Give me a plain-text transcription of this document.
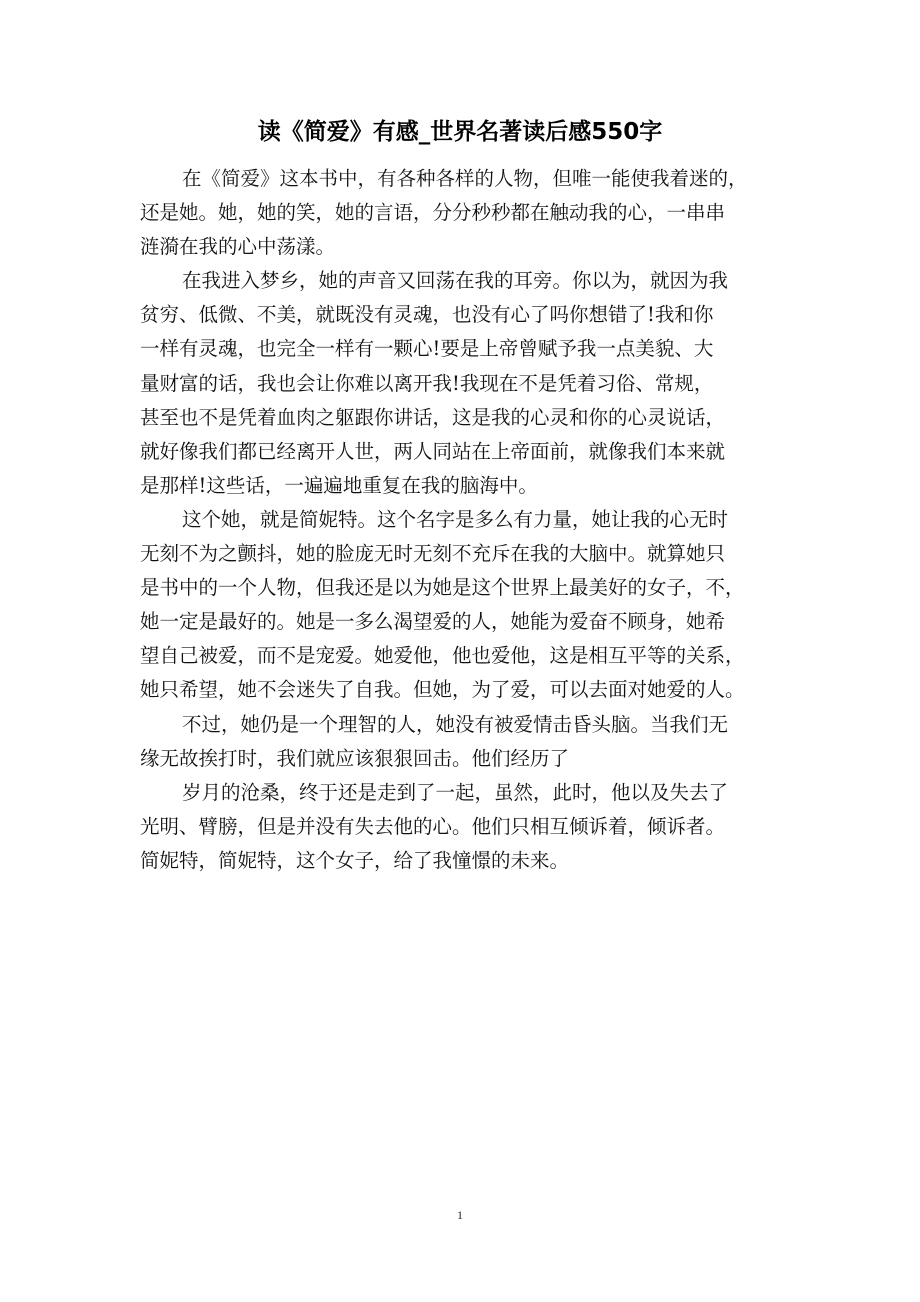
读《简爱》有感_世界名著读后感550字

在《简爱》这本书中，有各种各样的人物，但唯一能使我着迷的，
还是她。她，她的笑，她的言语，分分秒秒都在触动我的心，一串串
涟漪在我的心中荡漾。

在我进入梦乡，她的声音又回荡在我的耳旁。你以为，就因为我
贫穷、低微、不美，就既没有灵魂，也没有心了吗你想错了!我和你
一样有灵魂，也完全一样有一颗心!要是上帝曾赋予我一点美貌、大
量财富的话，我也会让你难以离开我!我现在不是凭着习俗、常规，
甚至也不是凭着血肉之躯跟你讲话，这是我的心灵和你的心灵说话，
就好像我们都已经离开人世，两人同站在上帝面前，就像我们本来就
是那样!这些话，一遍遍地重复在我的脑海中。

这个她，就是简妮特。这个名字是多么有力量，她让我的心无时
无刻不为之颤抖，她的脸庞无时无刻不充斥在我的大脑中。就算她只
是书中的一个人物，但我还是以为她是这个世界上最美好的女子，不，
她一定是最好的。她是一多么渴望爱的人，她能为爱奋不顾身，她希
望自己被爱，而不是宠爱。她爱他，他也爱他，这是相互平等的关系，
她只希望，她不会迷失了自我。但她，为了爱，可以去面对她爱的人。

不过，她仍是一个理智的人，她没有被爱情击昏头脑。当我们无
缘无故挨打时，我们就应该狠狠回击。他们经历了

岁月的沧桑，终于还是走到了一起，虽然，此时，他以及失去了
光明、臂膀，但是并没有失去他的心。他们只相互倾诉着，倾诉者。
简妮特，简妮特，这个女子，给了我憧憬的未来。

1
